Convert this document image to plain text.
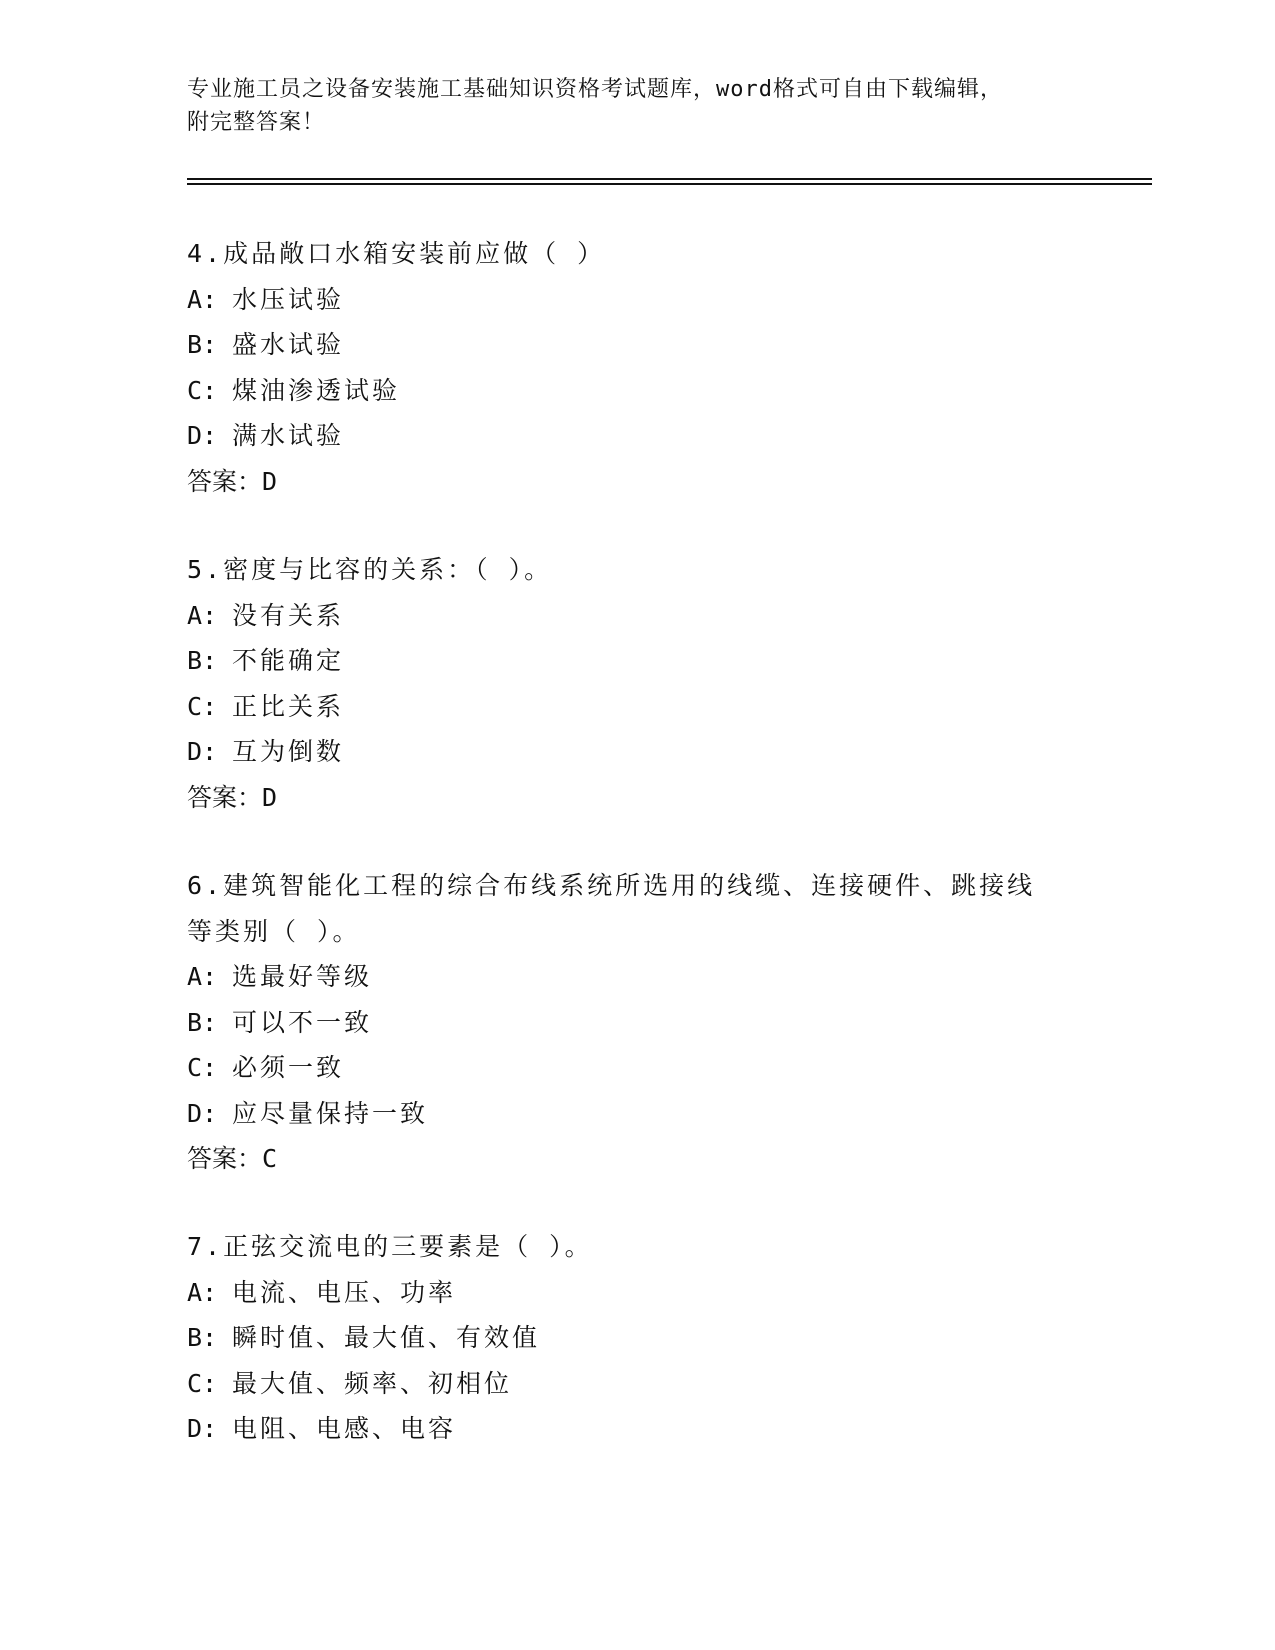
专业施工员之设备安装施工基础知识资格考试题库，word格式可自由下载编辑，
附完整答案！
4.成品敞口水箱安装前应做（ ）
A: 水压试验
B: 盛水试验
C: 煤油渗透试验
D: 满水试验
答案：D
5.密度与比容的关系：（ ）。
A: 没有关系
B: 不能确定
C: 正比关系
D: 互为倒数
答案：D
6.建筑智能化工程的综合布线系统所选用的线缆、连接硬件、跳接线
等类别（ ）。
A: 选最好等级
B: 可以不一致
C: 必须一致
D: 应尽量保持一致
答案：C
7.正弦交流电的三要素是（ ）。
A: 电流、电压、功率
B: 瞬时值、最大值、有效值
C: 最大值、频率、初相位
D: 电阻、电感、电容
